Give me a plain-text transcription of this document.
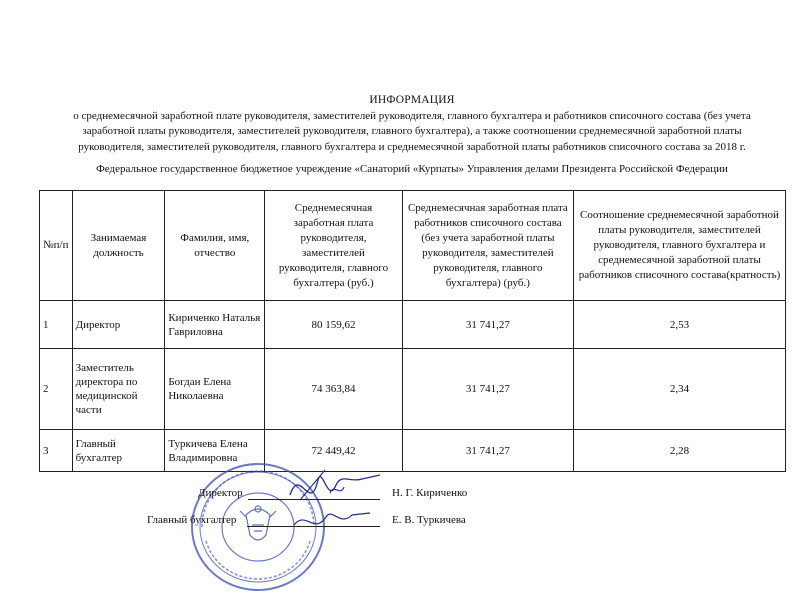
ИНФОРМАЦИЯ
о среднемесячной заработной плате руководителя, заместителей руководителя, главного бухгалтера и работников списочного состава (без учета
заработной платы руководителя, заместителей руководителя, главного бухгалтера), а также соотношении среднемесячной заработной платы
руководителя, заместителей руководителя, главного бухгалтера и среднемесячной заработной платы работников списочного состава за 2018 г.
Федеральное государственное бюджетное учреждение «Санаторий «Курпаты» Управления делами Президента Российской Федерации
№п/п	Занимаемая должность	Фамилия, имя, отчество	Среднемесячная заработная плата руководителя, заместителей руководителя, главного бухгалтера (руб.)	Среднемесячная заработная плата работников списочного состава (без учета заработной платы руководителя, заместителей руководителя, главного бухгалтера) (руб.)	Соотношение среднемесячной заработной платы руководителя, заместителей руководителя, главного бухгалтера и среднемесячной заработной платы работников списочного состава(кратность)
1	Директор	Кириченко Наталья Гавриловна	80 159,62	31 741,27	2,53
2	Заместитель директора по медицинской части	Богдан Елена Николаевна	74 363,84	31 741,27	2,34
3	Главный бухгалтер	Туркичева Елена Владимировна	72 449,42	31 741,27	2,28
Директор	Н. Г. Кириченко
Главный бухгалтер	Е. В. Туркичева
